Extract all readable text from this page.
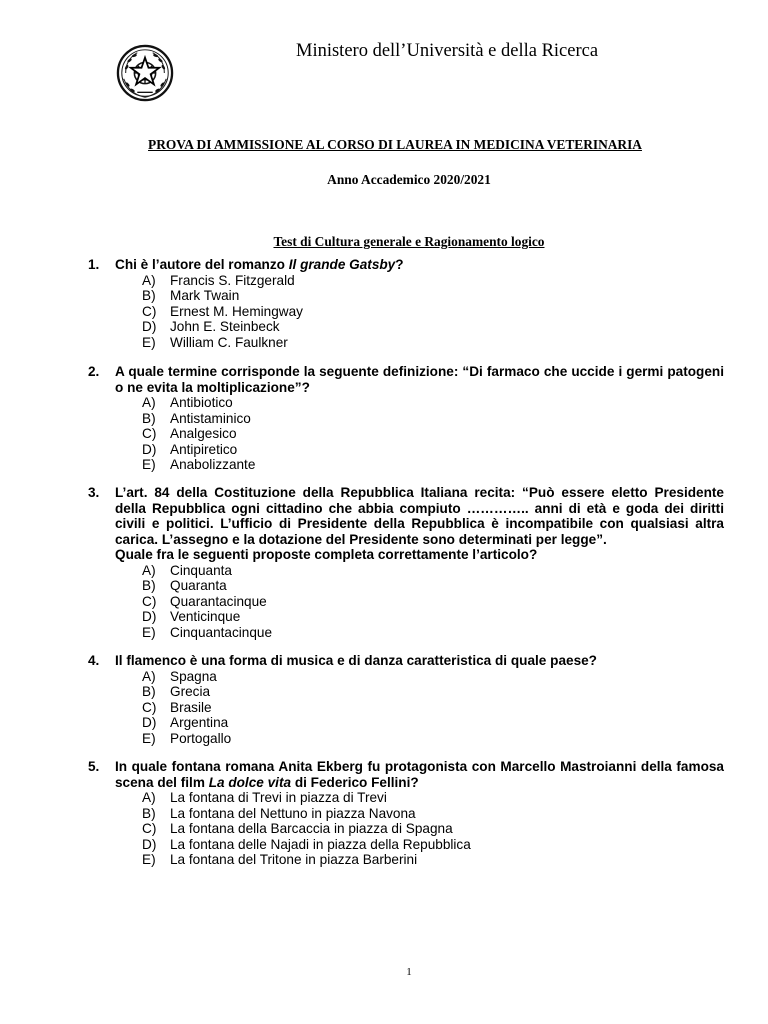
Ministero dell’Università e della Ricerca
PROVA DI AMMISSIONE AL CORSO DI LAUREA IN MEDICINA VETERINARIA
Anno Accademico 2020/2021
Test di Cultura generale e Ragionamento logico
1. Chi è l’autore del romanzo Il grande Gatsby?
A) Francis S. Fitzgerald
B) Mark Twain
C) Ernest M. Hemingway
D) John E. Steinbeck
E) William C. Faulkner
2. A quale termine corrisponde la seguente definizione: “Di farmaco che uccide i germi patogeni o ne evita la moltiplicazione”?
A) Antibiotico
B) Antistaminico
C) Analgesico
D) Antipiretico
E) Anabolizzante
3. L’art. 84 della Costituzione della Repubblica Italiana recita: “Può essere eletto Presidente della Repubblica ogni cittadino che abbia compiuto ………….. anni di età e goda dei diritti civili e politici. L’ufficio di Presidente della Repubblica è incompatibile con qualsiasi altra carica. L’assegno e la dotazione del Presidente sono determinati per legge”.
Quale fra le seguenti proposte completa correttamente l’articolo?
A) Cinquanta
B) Quaranta
C) Quarantacinque
D) Venticinque
E) Cinquantacinque
4. Il flamenco è una forma di musica e di danza caratteristica di quale paese?
A) Spagna
B) Grecia
C) Brasile
D) Argentina
E) Portogallo
5. In quale fontana romana Anita Ekberg fu protagonista con Marcello Mastroianni della famosa scena del film La dolce vita di Federico Fellini?
A) La fontana di Trevi in piazza di Trevi
B) La fontana del Nettuno in piazza Navona
C) La fontana della Barcaccia in piazza di Spagna
D) La fontana delle Najadi in piazza della Repubblica
E) La fontana del Tritone in piazza Barberini
1
